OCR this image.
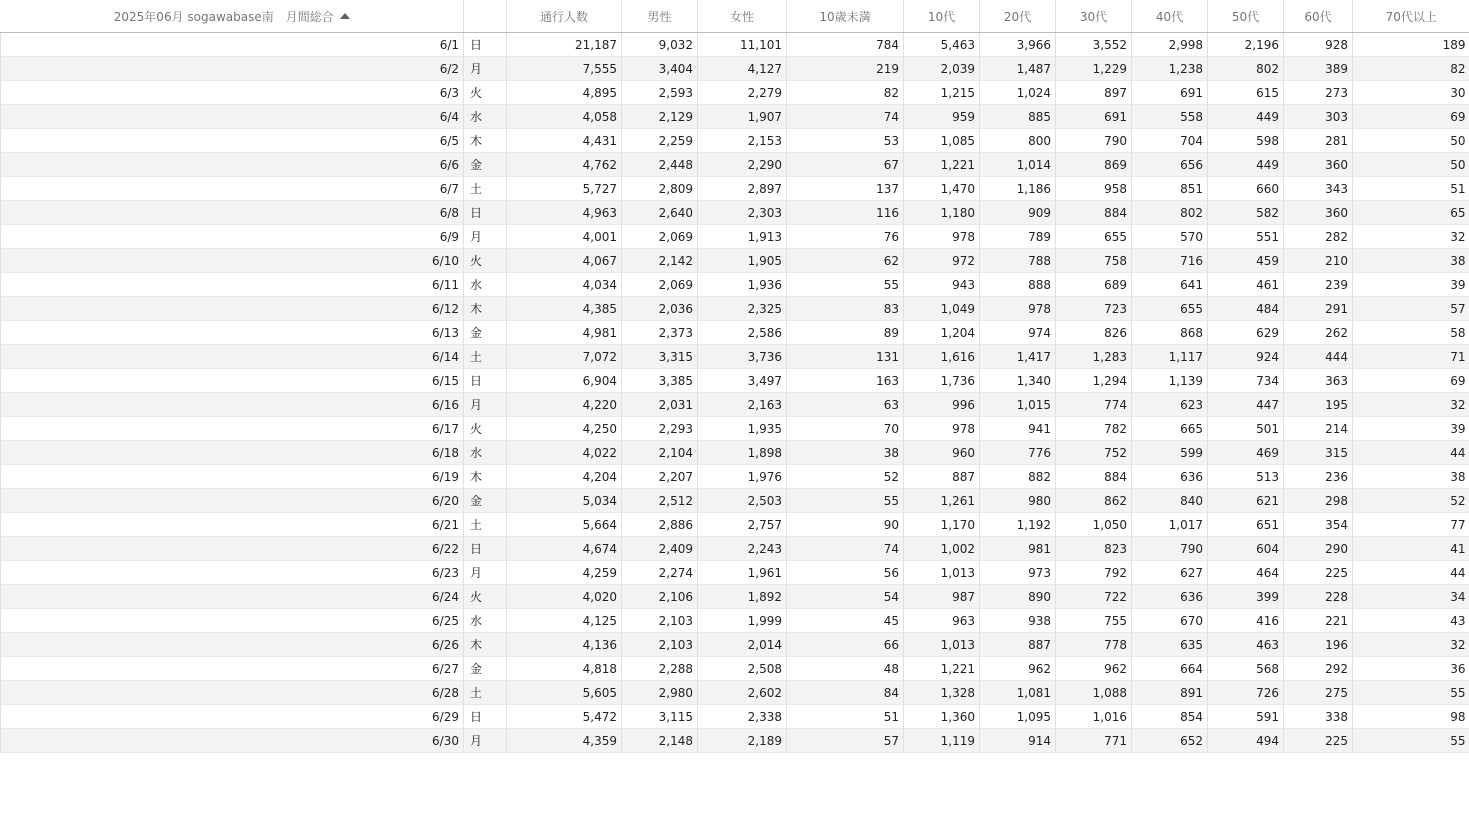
2025年06月 sogawabase南　月間総合		通行人数	男性	女性	10歳未満	10代	20代	30代	40代	50代	60代	70代以上
6/1	日	21,187	9,032	11,101	784	5,463	3,966	3,552	2,998	2,196	928	189
6/2	月	7,555	3,404	4,127	219	2,039	1,487	1,229	1,238	802	389	82
6/3	火	4,895	2,593	2,279	82	1,215	1,024	897	691	615	273	30
6/4	水	4,058	2,129	1,907	74	959	885	691	558	449	303	69
6/5	木	4,431	2,259	2,153	53	1,085	800	790	704	598	281	50
6/6	金	4,762	2,448	2,290	67	1,221	1,014	869	656	449	360	50
6/7	土	5,727	2,809	2,897	137	1,470	1,186	958	851	660	343	51
6/8	日	4,963	2,640	2,303	116	1,180	909	884	802	582	360	65
6/9	月	4,001	2,069	1,913	76	978	789	655	570	551	282	32
6/10	火	4,067	2,142	1,905	62	972	788	758	716	459	210	38
6/11	水	4,034	2,069	1,936	55	943	888	689	641	461	239	39
6/12	木	4,385	2,036	2,325	83	1,049	978	723	655	484	291	57
6/13	金	4,981	2,373	2,586	89	1,204	974	826	868	629	262	58
6/14	土	7,072	3,315	3,736	131	1,616	1,417	1,283	1,117	924	444	71
6/15	日	6,904	3,385	3,497	163	1,736	1,340	1,294	1,139	734	363	69
6/16	月	4,220	2,031	2,163	63	996	1,015	774	623	447	195	32
6/17	火	4,250	2,293	1,935	70	978	941	782	665	501	214	39
6/18	水	4,022	2,104	1,898	38	960	776	752	599	469	315	44
6/19	木	4,204	2,207	1,976	52	887	882	884	636	513	236	38
6/20	金	5,034	2,512	2,503	55	1,261	980	862	840	621	298	52
6/21	土	5,664	2,886	2,757	90	1,170	1,192	1,050	1,017	651	354	77
6/22	日	4,674	2,409	2,243	74	1,002	981	823	790	604	290	41
6/23	月	4,259	2,274	1,961	56	1,013	973	792	627	464	225	44
6/24	火	4,020	2,106	1,892	54	987	890	722	636	399	228	34
6/25	水	4,125	2,103	1,999	45	963	938	755	670	416	221	43
6/26	木	4,136	2,103	2,014	66	1,013	887	778	635	463	196	32
6/27	金	4,818	2,288	2,508	48	1,221	962	962	664	568	292	36
6/28	土	5,605	2,980	2,602	84	1,328	1,081	1,088	891	726	275	55
6/29	日	5,472	3,115	2,338	51	1,360	1,095	1,016	854	591	338	98
6/30	月	4,359	2,148	2,189	57	1,119	914	771	652	494	225	55
